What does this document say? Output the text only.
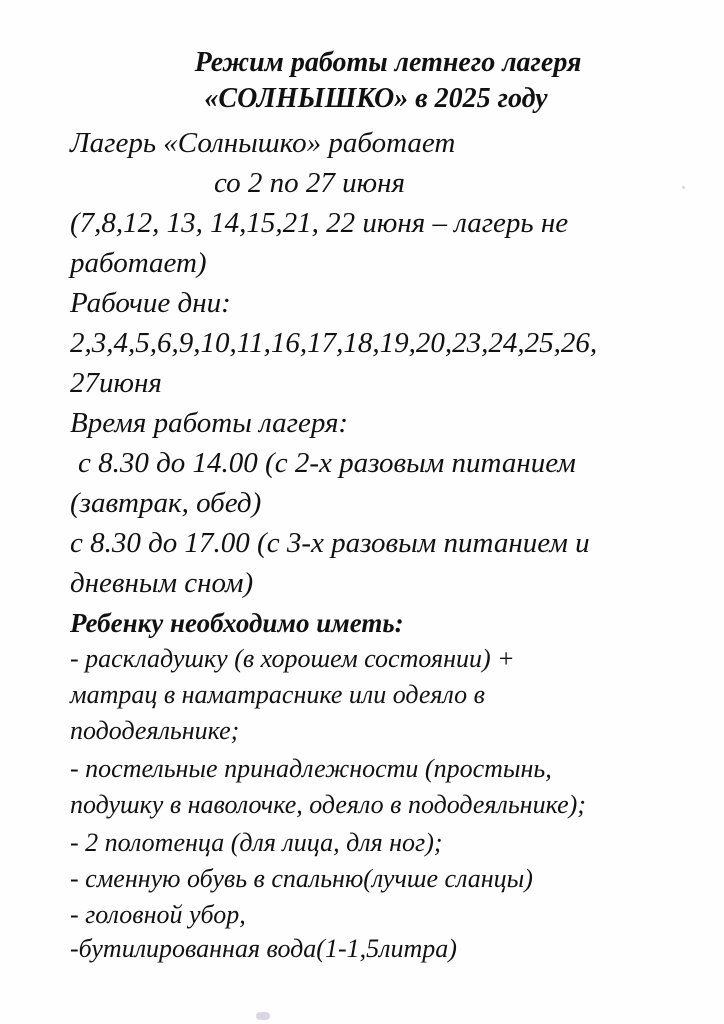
Режим работы летнего лагеря
«СОЛНЫШКО» в 2025 году

Лагерь «Солнышко» работает

со 2 по 27 июня

(7,8,12, 13, 14,15,21, 22 июня – лагерь не

работает)

Рабочие дни:

2,3,4,5,6,9,10,11,16,17,18,19,20,23,24,25,26,

27июня

Время работы лагеря:

с 8.30 до 14.00 (с 2-х разовым питанием

(завтрак, обед)

с 8.30 до 17.00 (с 3-х разовым питанием и

дневным сном)

Ребенку необходимо иметь:

- раскладушку (в хорошем состоянии) +

матрац в наматраснике или одеяло в

пододеяльнике;

- постельные принадлежности (простынь,

подушку в наволочке, одеяло в пододеяльнике);

- 2 полотенца (для лица, для ног);

- сменную обувь в спальню(лучше сланцы)

- головной убор,

-бутилированная вода(1-1,5литра)
